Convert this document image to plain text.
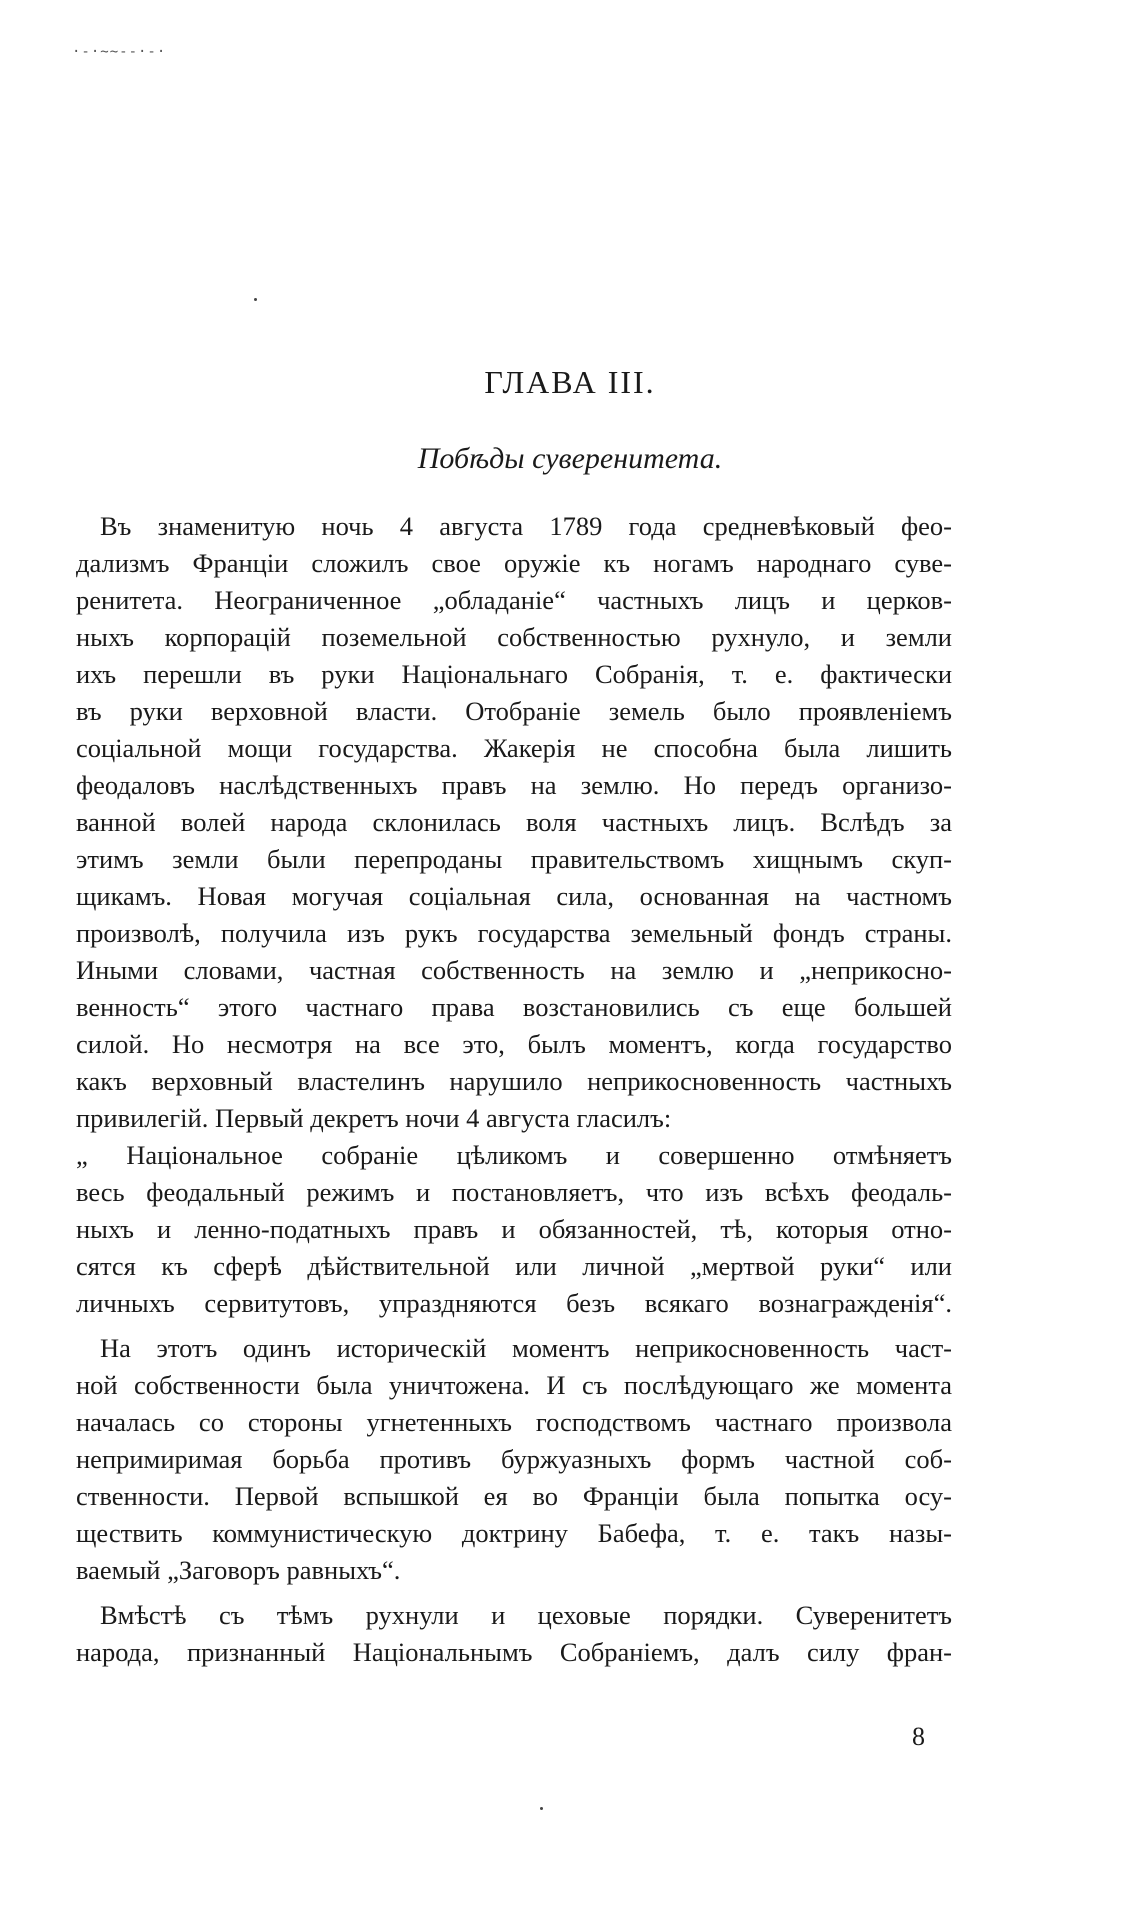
·-·~~--·-·
ГЛАВА III.
Побѣды суверенитета.
Въ знаменитую ночь 4 августа 1789 года средневѣковый фео-
дализмъ Франціи сложилъ свое оружіе къ ногамъ народнаго суве-
ренитета. Неограниченное „обладаніе“ частныхъ лицъ и церков-
ныхъ корпорацій поземельной собственностью рухнуло, и земли
ихъ перешли въ руки Національнаго Собранія, т. е. фактически
въ руки верховной власти. Отобраніе земель было проявленіемъ
соціальной мощи государства. Жакерія не способна была лишить
феодаловъ наслѣдственныхъ правъ на землю. Но передъ организо-
ванной волей народа склонилась воля частныхъ лицъ. Вслѣдъ за
этимъ земли были перепроданы правительствомъ хищнымъ скуп-
щикамъ. Новая могучая соціальная сила, основанная на частномъ
произволѣ, получила изъ рукъ государства земельный фондъ страны.
Иными словами, частная собственность на землю и „неприкосно-
венность“ этого частнаго права возстановились съ еще большей
силой. Но несмотря на все это, былъ моментъ, когда государство
какъ верховный властелинъ нарушило неприкосновенность частныхъ
привилегій. Первый декретъ ночи 4 августа гласилъ:
„ Національное собраніе цѣликомъ и совершенно отмѣняетъ
весь феодальный режимъ и постановляетъ, что изъ всѣхъ феодаль-
ныхъ и ленно-податныхъ правъ и обязанностей, тѣ, которыя отно-
сятся къ сферѣ дѣйствительной или личной „мертвой руки“ или
личныхъ сервитутовъ, упраздняются безъ всякаго вознагражденія“.
На этотъ одинъ историческій моментъ неприкосновенность част-
ной собственности была уничтожена. И съ послѣдующаго же момента
началась со стороны угнетенныхъ господствомъ частнаго произвола
непримиримая борьба противъ буржуазныхъ формъ частной соб-
ственности. Первой вспышкой ея во Франціи была попытка осу-
ществить коммунистическую доктрину Бабефа, т. е. такъ назы-
ваемый „Заговоръ равныхъ“.
Вмѣстѣ съ тѣмъ рухнули и цеховые порядки. Суверенитетъ
народа, признанный Національнымъ Собраніемъ, далъ силу фран-
8
